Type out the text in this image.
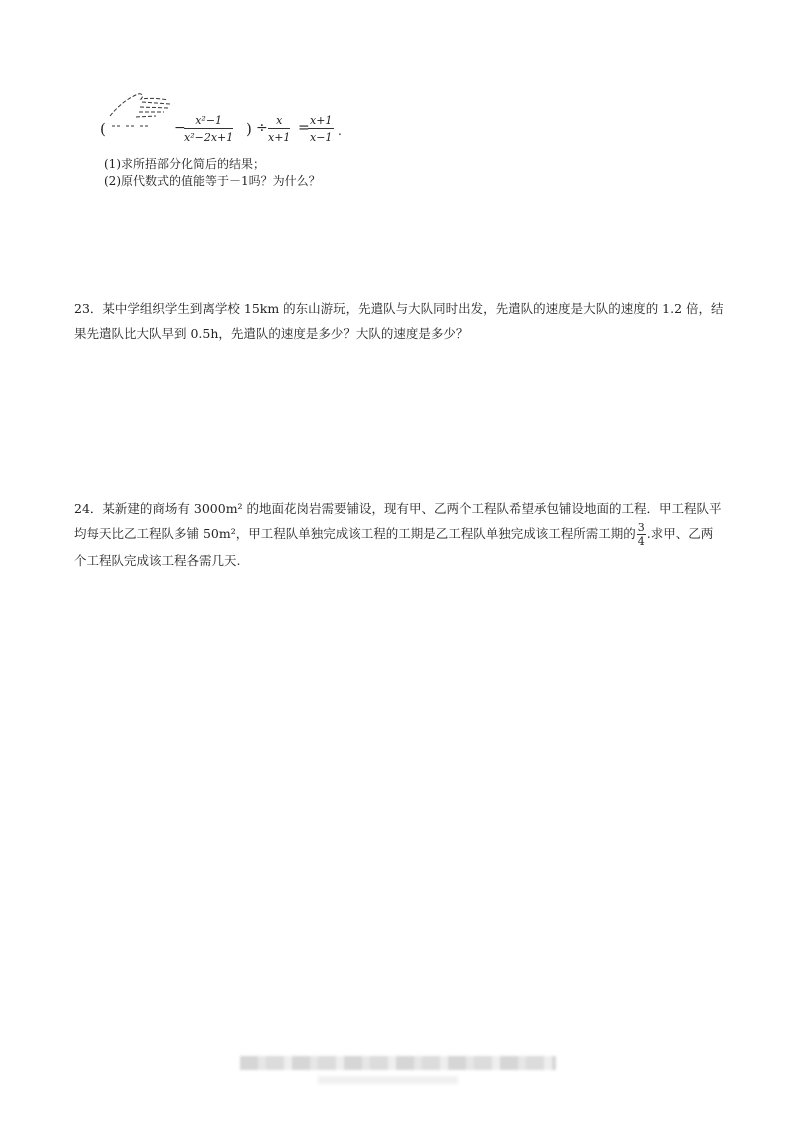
(	−
$\frac{\text{x²−1}}{\text{x²−2x+1}}$ ) ÷ $\frac{x}{x+1}$ =
$\frac{x+1}{x-1}$ .
(1)求所捂部分化简后的结果；
(2)原代数式的值能等于－1吗？为什么？

23．某中学组织学生到离学校 15km 的东山游玩，先遣队与大队同时出发，先遣队的速度是大队的速度的 1.2 倍，结果先遣队比大队早到 0.5h，先遣队的速度是多少？大队的速度是多少？

24．某新建的商场有 3000m² 的地面花岗岩需要铺设，现有甲、乙两个工程队希望承包铺设地面的工程．甲工程队平均每天比乙工程队多铺 50m²，甲工程队单独完成该工程的工期是乙工程队单独完成该工程所需工期的 $\frac{3}{4}$ .求甲、乙两个工程队完成该工程各需几天.
